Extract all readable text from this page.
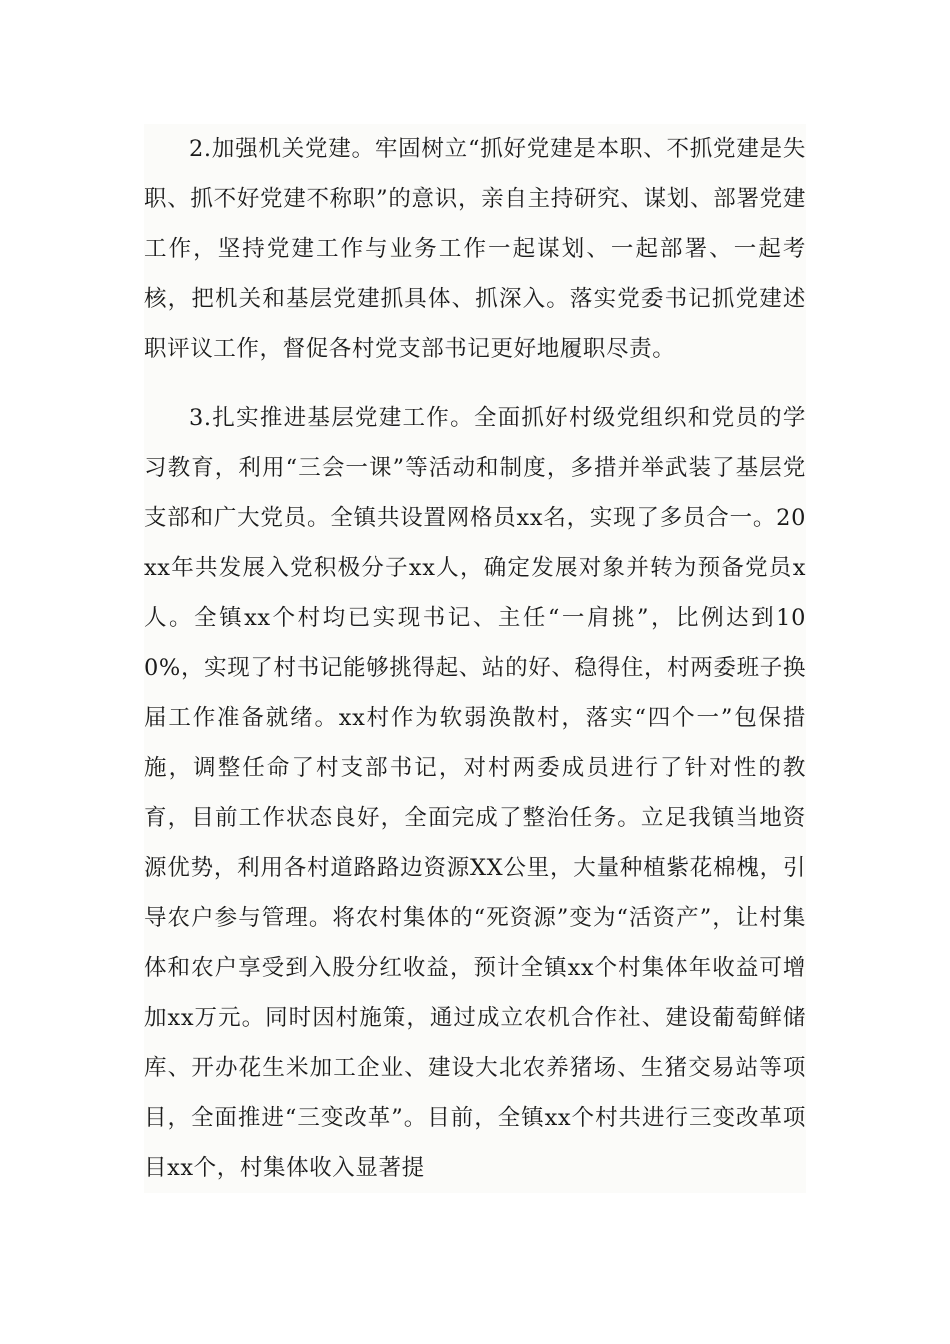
2.加强机关党建。牢固树立“抓好党建是本职、不抓党建是失职、抓不好党建不称职”的意识，亲自主持研究、谋划、部署党建工作，坚持党建工作与业务工作一起谋划、一起部署、一起考核，把机关和基层党建抓具体、抓深入。落实党委书记抓党建述职评议工作，督促各村党支部书记更好地履职尽责。

3.扎实推进基层党建工作。全面抓好村级党组织和党员的学习教育，利用“三会一课”等活动和制度，多措并举武装了基层党支部和广大党员。全镇共设置网格员xx名，实现了多员合一。20xx年共发展入党积极分子xx人，确定发展对象并转为预备党员x人。全镇xx个村均已实现书记、主任“一肩挑”，比例达到100%，实现了村书记能够挑得起、站的好、稳得住，村两委班子换届工作准备就绪。xx村作为软弱涣散村，落实“四个一”包保措施，调整任命了村支部书记，对村两委成员进行了针对性的教育，目前工作状态良好，全面完成了整治任务。立足我镇当地资源优势，利用各村道路路边资源XX公里，大量种植紫花棉槐，引导农户参与管理。将农村集体的“死资源”变为“活资产”，让村集体和农户享受到入股分红收益，预计全镇xx个村集体年收益可增加xx万元。同时因村施策，通过成立农机合作社、建设葡萄鲜储库、开办花生米加工企业、建设大北农养猪场、生猪交易站等项目，全面推进“三变改革”。目前，全镇xx个村共进行三变改革项目xx个，村集体收入显著提
